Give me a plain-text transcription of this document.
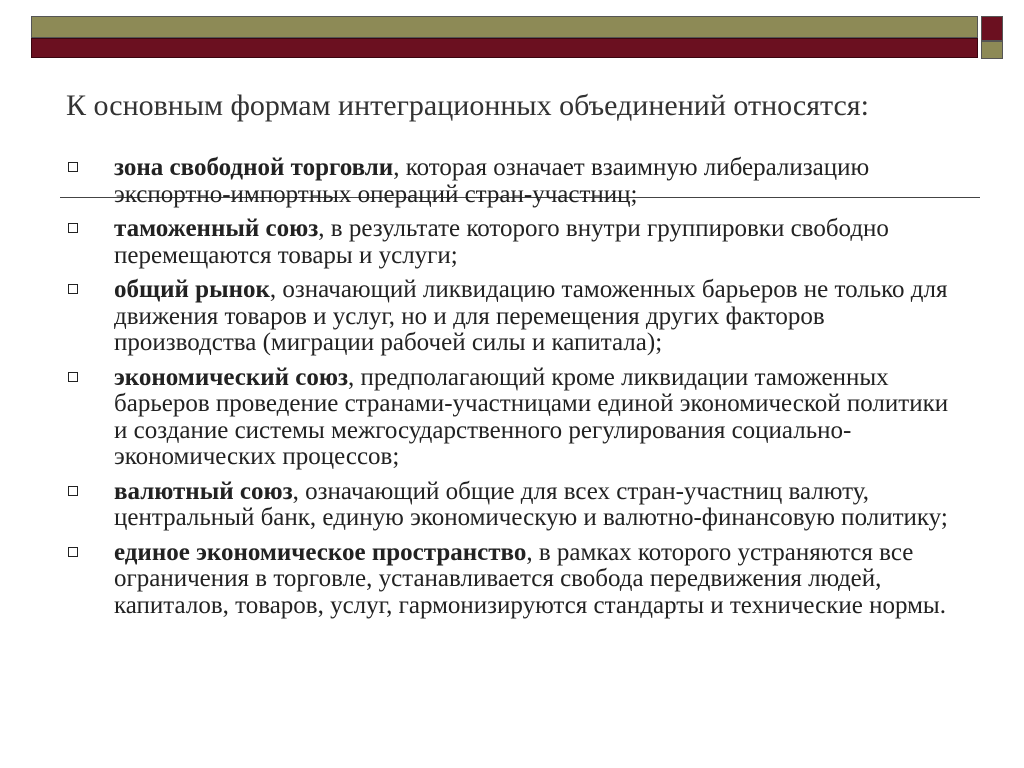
К основным формам интеграционных объединений относятся:
зона свободной торговли, которая означает взаимную либерализацию экспортно-импортных операций стран-участниц;
таможенный союз, в результате которого внутри группировки свободно перемещаются товары и услуги;
общий рынок, означающий ликвидацию таможенных барьеров не только для движения товаров и услуг, но и для перемещения других факторов производства (миграции рабочей силы и капитала);
экономический союз, предполагающий кроме ликвидации таможенных барьеров проведение странами-участницами единой экономической политики и создание системы межгосударственного регулирования социально-экономических процессов;
валютный союз, означающий общие для всех стран-участниц валюту, центральный банк, единую экономическую и валютно-финансовую политику;
единое экономическое пространство, в рамках которого устраняются все ограничения в торговле, устанавливается свобода передвижения людей, капиталов, товаров, услуг, гармонизируются стандарты и технические нормы.
